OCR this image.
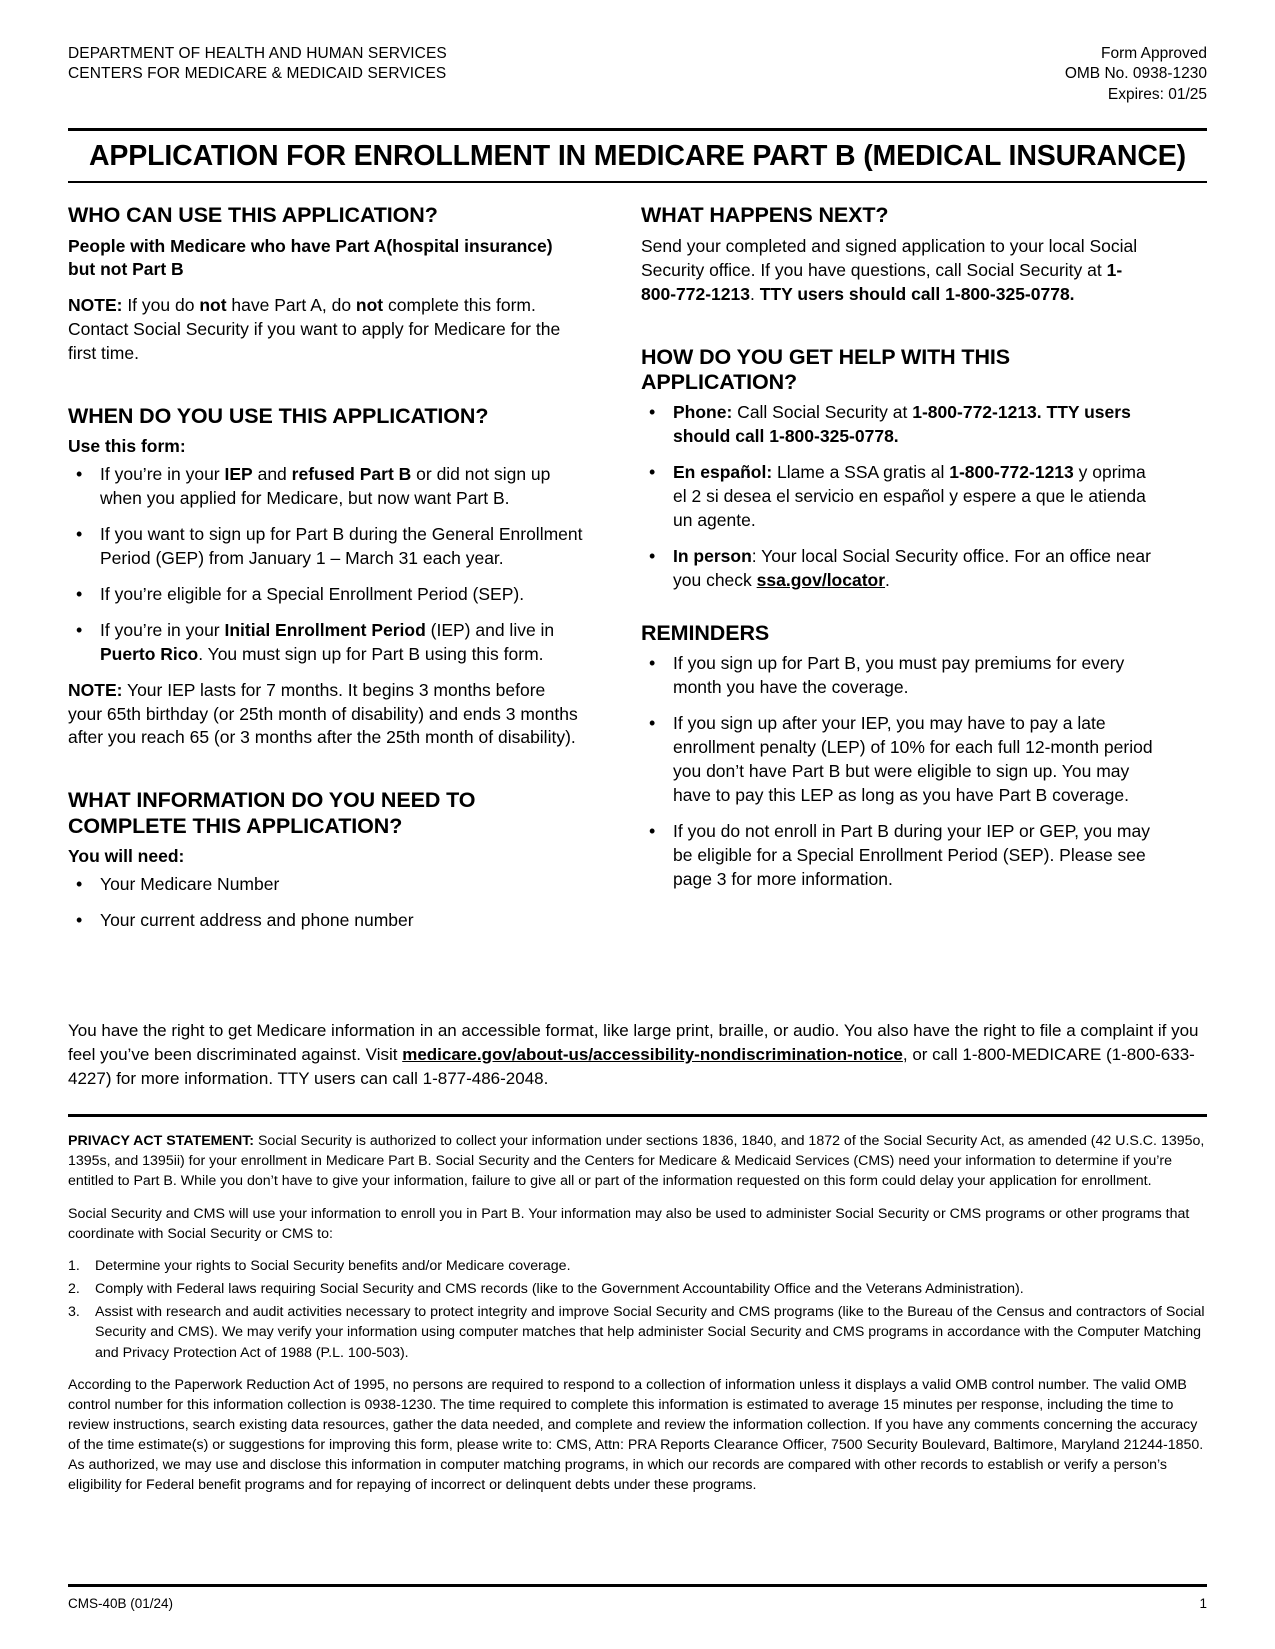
DEPARTMENT OF HEALTH AND HUMAN SERVICES
CENTERS FOR MEDICARE & MEDICAID SERVICES
Form Approved
OMB No. 0938-1230
Expires: 01/25
APPLICATION FOR ENROLLMENT IN MEDICARE PART B (MEDICAL INSURANCE)
WHO CAN USE THIS APPLICATION?
People with Medicare who have Part A(hospital insurance) but not Part B

NOTE: If you do not have Part A, do not complete this form. Contact Social Security if you want to apply for Medicare for the first time.

WHEN DO YOU USE THIS APPLICATION?
Use this form:
• If you’re in your IEP and refused Part B or did not sign up when you applied for Medicare, but now want Part B.
• If you want to sign up for Part B during the General Enrollment Period (GEP) from January 1 – March 31 each year.
• If you’re eligible for a Special Enrollment Period (SEP).
• If you’re in your Initial Enrollment Period (IEP) and live in Puerto Rico. You must sign up for Part B using this form.

NOTE: Your IEP lasts for 7 months. It begins 3 months before your 65th birthday (or 25th month of disability) and ends 3 months after you reach 65 (or 3 months after the 25th month of disability).

WHAT INFORMATION DO YOU NEED TO COMPLETE THIS APPLICATION?
You will need:
• Your Medicare Number
• Your current address and phone number
WHAT HAPPENS NEXT?

Send your completed and signed application to your local Social Security office. If you have questions, call Social Security at 1-800-772-1213. TTY users should call 1-800-325-0778.

HOW DO YOU GET HELP WITH THIS APPLICATION?
• Phone: Call Social Security at 1-800-772-1213. TTY users should call 1-800-325-0778.
• En español: Llame a SSA gratis al 1-800-772-1213 y oprima el 2 si desea el servicio en español y espere a que le atienda un agente.
• In person: Your local Social Security office. For an office near you check ssa.gov/locator.
REMINDERS
• If you sign up for Part B, you must pay premiums for every month you have the coverage.
• If you sign up after your IEP, you may have to pay a late enrollment penalty (LEP) of 10% for each full 12-month period you don’t have Part B but were eligible to sign up. You may have to pay this LEP as long as you have Part B coverage.
• If you do not enroll in Part B during your IEP or GEP, you may be eligible for a Special Enrollment Period (SEP). Please see page 3 for more information.
You have the right to get Medicare information in an accessible format, like large print, braille, or audio. You also have the right to file a complaint if you feel you’ve been discriminated against. Visit medicare.gov/about-us/accessibility-nondiscrimination-notice, or call 1-800-MEDICARE (1-800-633-4227) for more information. TTY users can call 1-877-486-2048.

PRIVACY ACT STATEMENT: Social Security is authorized to collect your information under sections 1836, 1840, and 1872 of the Social Security Act, as amended (42 U.S.C. 1395o, 1395s, and 1395ii) for your enrollment in Medicare Part B. Social Security and the Centers for Medicare & Medicaid Services (CMS) need your information to determine if you’re entitled to Part B. While you don’t have to give your information, failure to give all or part of the information requested on this form could delay your application for enrollment.

Social Security and CMS will use your information to enroll you in Part B. Your information may also be used to administer Social Security or CMS programs or other programs that coordinate with Social Security or CMS to:

Determine your rights to Social Security benefits and/or Medicare coverage.
Comply with Federal laws requiring Social Security and CMS records (like to the Government Accountability Office and the Veterans Administration).
Assist with research and audit activities necessary to protect integrity and improve Social Security and CMS programs (like to the Bureau of the Census and contractors of Social Security and CMS). We may verify your information using computer matches that help administer Social Security and CMS programs in accordance with the Computer Matching and Privacy Protection Act of 1988 (P.L. 100-503).

According to the Paperwork Reduction Act of 1995, no persons are required to respond to a collection of information unless it displays a valid OMB control number. The valid OMB control number for this information collection is 0938-1230. The time required to complete this information is estimated to average 15 minutes per response, including the time to review instructions, search existing data resources, gather the data needed, and complete and review the information collection. If you have any comments concerning the accuracy of the time estimate(s) or suggestions for improving this form, please write to: CMS, Attn: PRA Reports Clearance Officer, 7500 Security Boulevard, Baltimore, Maryland 21244-1850. As authorized, we may use and disclose this information in computer matching programs, in which our records are compared with other records to establish or verify a person’s eligibility for Federal benefit programs and for repaying of incorrect or delinquent debts under these programs.

CMS-40B (01/24)	1
